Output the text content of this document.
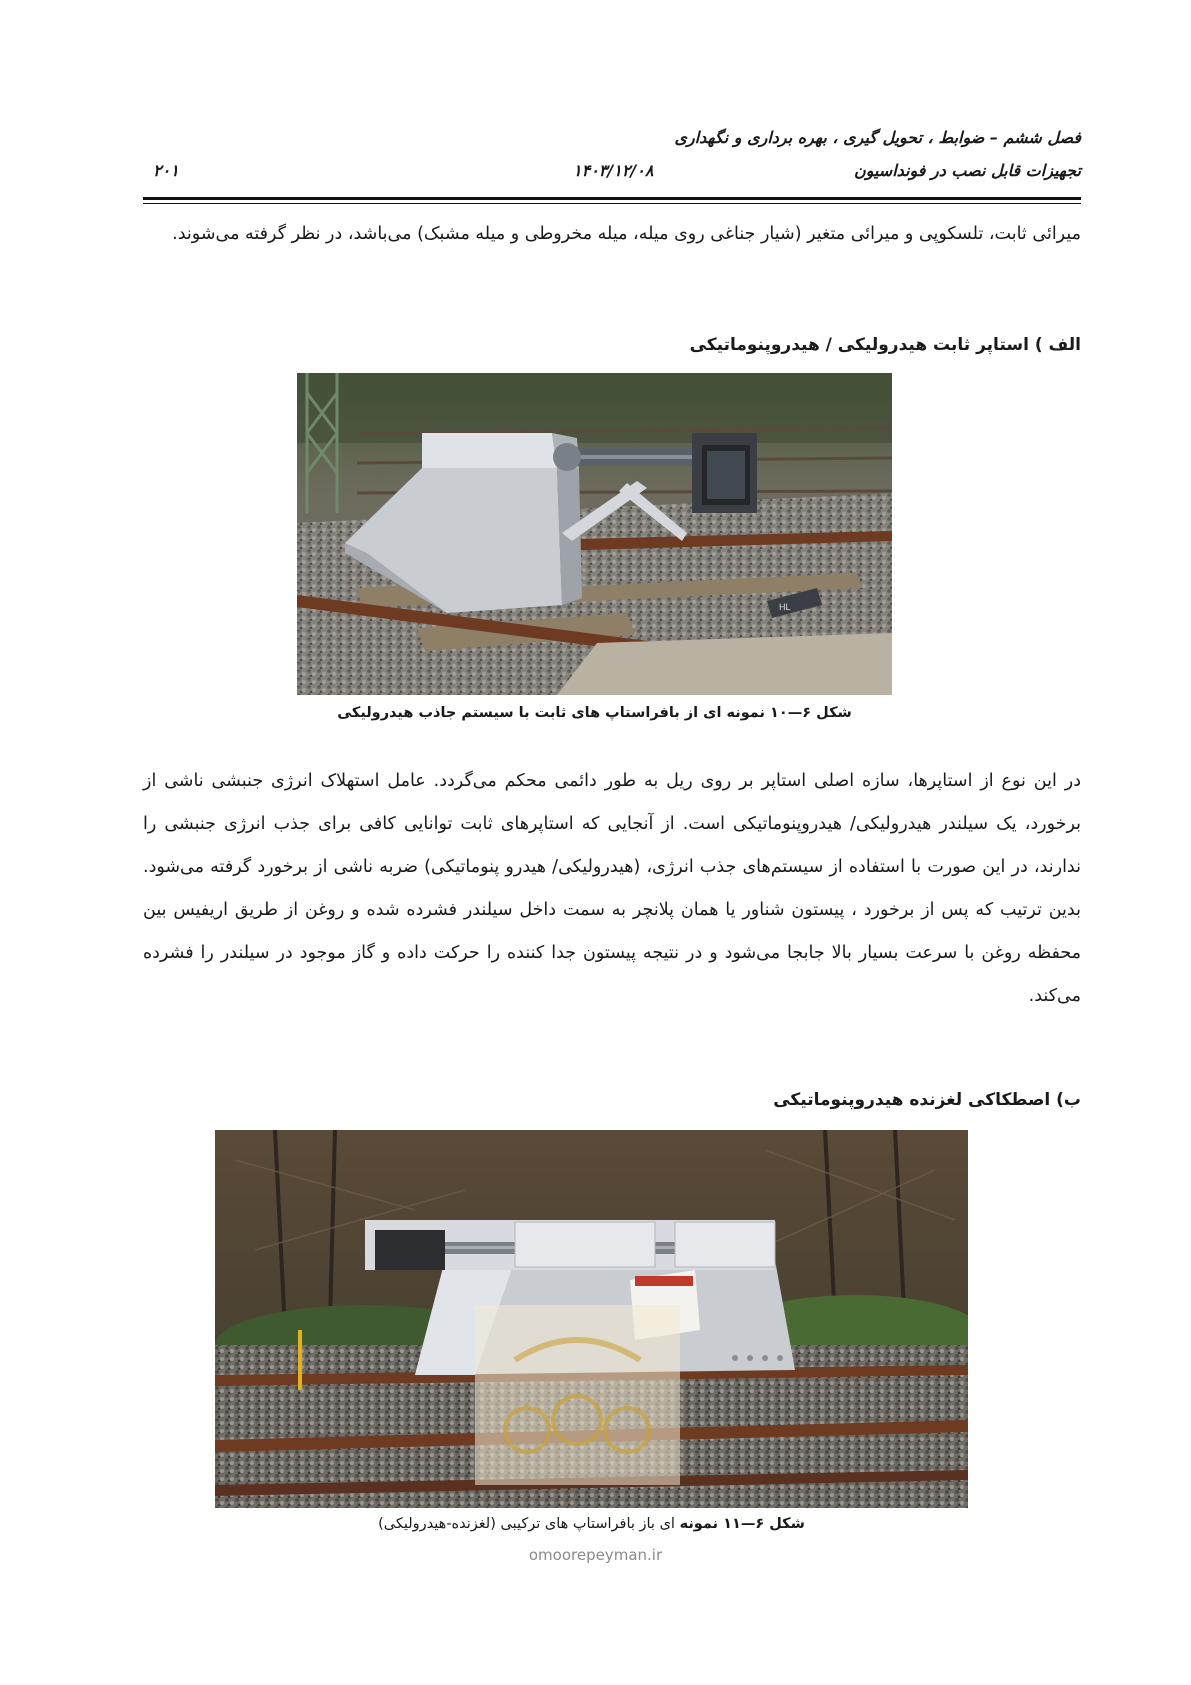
فصل ششم – ضوابط ، تحویل گیری ، بهره برداری و نگهداری
تجهیزات قابل نصب در فونداسیون
۱۴۰۳/۱۲/۰۸
۲۰۱
میرائی ثابت، تلسکوپی و میرائی متغیر (شیار جناغی روی میله، میله مخروطی و میله مشبک) می‌باشد، در نظر گرفته می‌شوند.
الف ) استاپر ثابت هیدرولیکی / هیدروپنوماتیکی
HL
شکل ۶—۱۰ نمونه ای از بافراستاپ های ثابت با سیستم جاذب هیدرولیکی
در این نوع از استاپرها، سازه اصلی استاپر بر روی ریل به طور دائمی محکم می‌گردد. عامل استهلاک انرژی جنبشی ناشی از برخورد، یک سیلندر هیدرولیکی/ هیدروپنوماتیکی است. از آنجایی که استاپرهای ثابت توانایی کافی برای جذب انرژی جنبشی را ندارند، در این صورت با استفاده از سیستم‌های جذب انرژی، (هیدرولیکی/ هیدرو پنوماتیکی) ضربه ناشی از برخورد گرفته می‌شود. بدین ترتیب که پس از برخورد ، پیستون شناور یا همان پلانچر به سمت داخل سیلندر فشرده شده و روغن از طریق اریفیس بین محفظه روغن با سرعت بسیار بالا جابجا می‌شود و در نتیجه پیستون جدا کننده را حرکت داده و گاز موجود در سیلندر را فشرده می‌کند.
ب) اصطکاکی لغزنده هیدروپنوماتیکی
شکل ۶—۱۱ نمونه ای باز بافراستاپ های ترکیبی (لغزنده-هیدرولیکی)
omoorepeyman.ir
